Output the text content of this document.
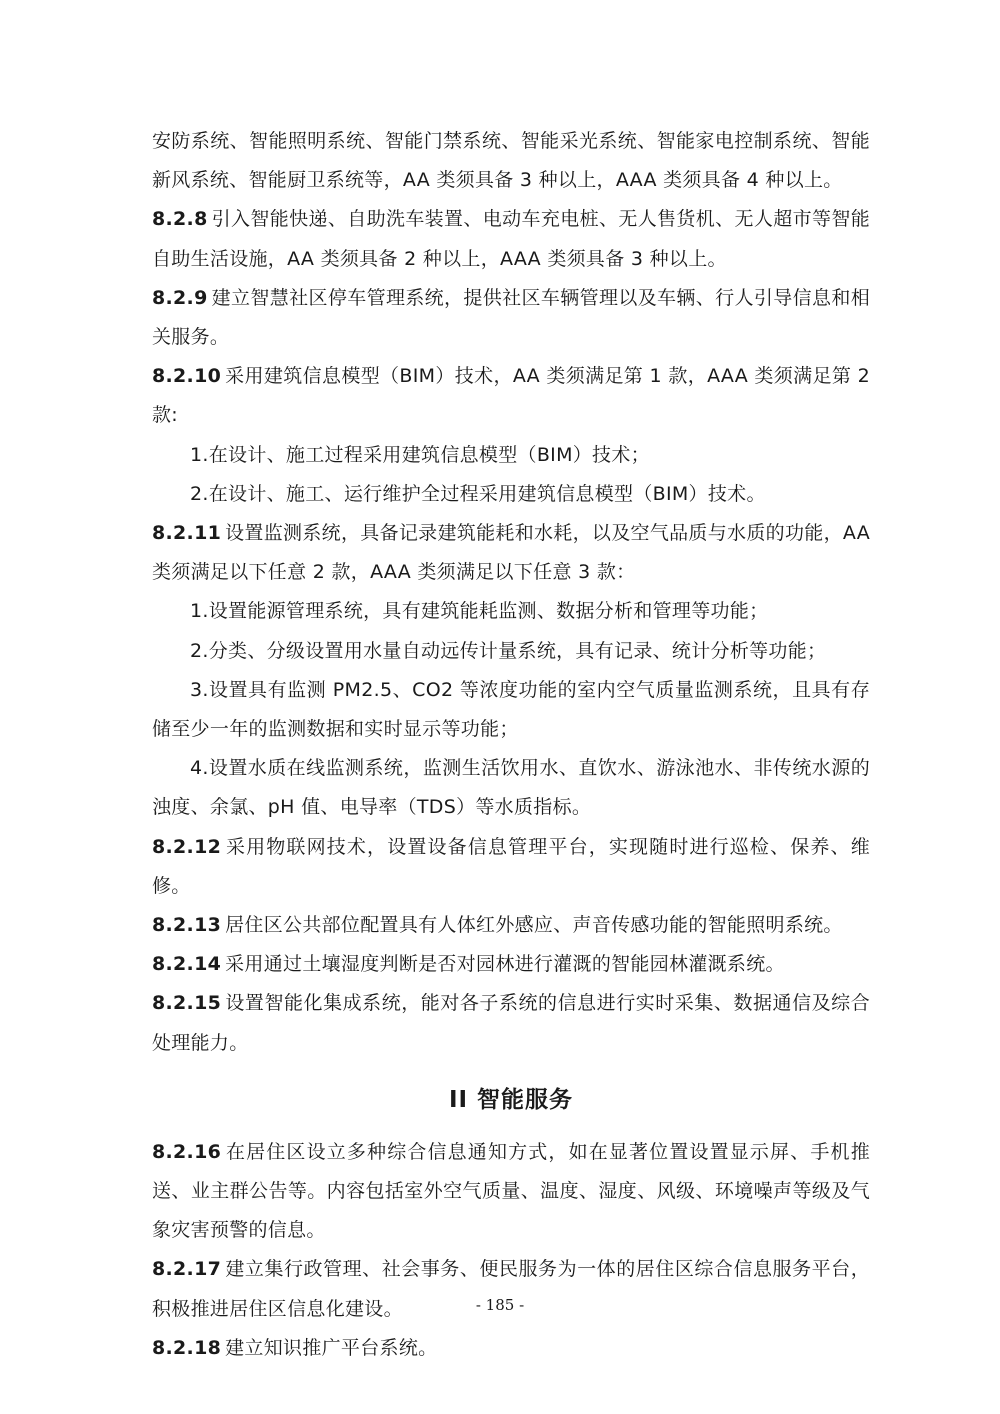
安防系统、智能照明系统、智能门禁系统、智能采光系统、智能家电控制系统、智能新风系统、智能厨卫系统等，AA 类须具备 3 种以上，AAA 类须具备 4 种以上。

8.2.8 引入智能快递、自助洗车装置、电动车充电桩、无人售货机、无人超市等智能自助生活设施，AA 类须具备 2 种以上，AAA 类须具备 3 种以上。

8.2.9 建立智慧社区停车管理系统，提供社区车辆管理以及车辆、行人引导信息和相关服务。

8.2.10 采用建筑信息模型（BIM）技术，AA 类须满足第 1 款，AAA 类须满足第 2 款:

1.在设计、施工过程采用建筑信息模型（BIM）技术；

2.在设计、施工、运行维护全过程采用建筑信息模型（BIM）技术。

8.2.11 设置监测系统，具备记录建筑能耗和水耗，以及空气品质与水质的功能，AA 类须满足以下任意 2 款，AAA 类须满足以下任意 3 款：

1.设置能源管理系统，具有建筑能耗监测、数据分析和管理等功能；

2.分类、分级设置用水量自动远传计量系统，具有记录、统计分析等功能；

3.设置具有监测 PM2.5、CO2 等浓度功能的室内空气质量监测系统，且具有存储至少一年的监测数据和实时显示等功能；

4.设置水质在线监测系统，监测生活饮用水、直饮水、游泳池水、非传统水源的浊度、余氯、pH 值、电导率（TDS）等水质指标。

8.2.12 采用物联网技术，设置设备信息管理平台，实现随时进行巡检、保养、维修。

8.2.13 居住区公共部位配置具有人体红外感应、声音传感功能的智能照明系统。

8.2.14 采用通过土壤湿度判断是否对园林进行灌溉的智能园林灌溉系统。

8.2.15 设置智能化集成系统，能对各子系统的信息进行实时采集、数据通信及综合处理能力。

II 智能服务

8.2.16 在居住区设立多种综合信息通知方式，如在显著位置设置显示屏、手机推送、业主群公告等。内容包括室外空气质量、温度、湿度、风级、环境噪声等级及气象灾害预警的信息。

8.2.17 建立集行政管理、社会事务、便民服务为一体的居住区综合信息服务平台，积极推进居住区信息化建设。

8.2.18 建立知识推广平台系统。

- 185 -
